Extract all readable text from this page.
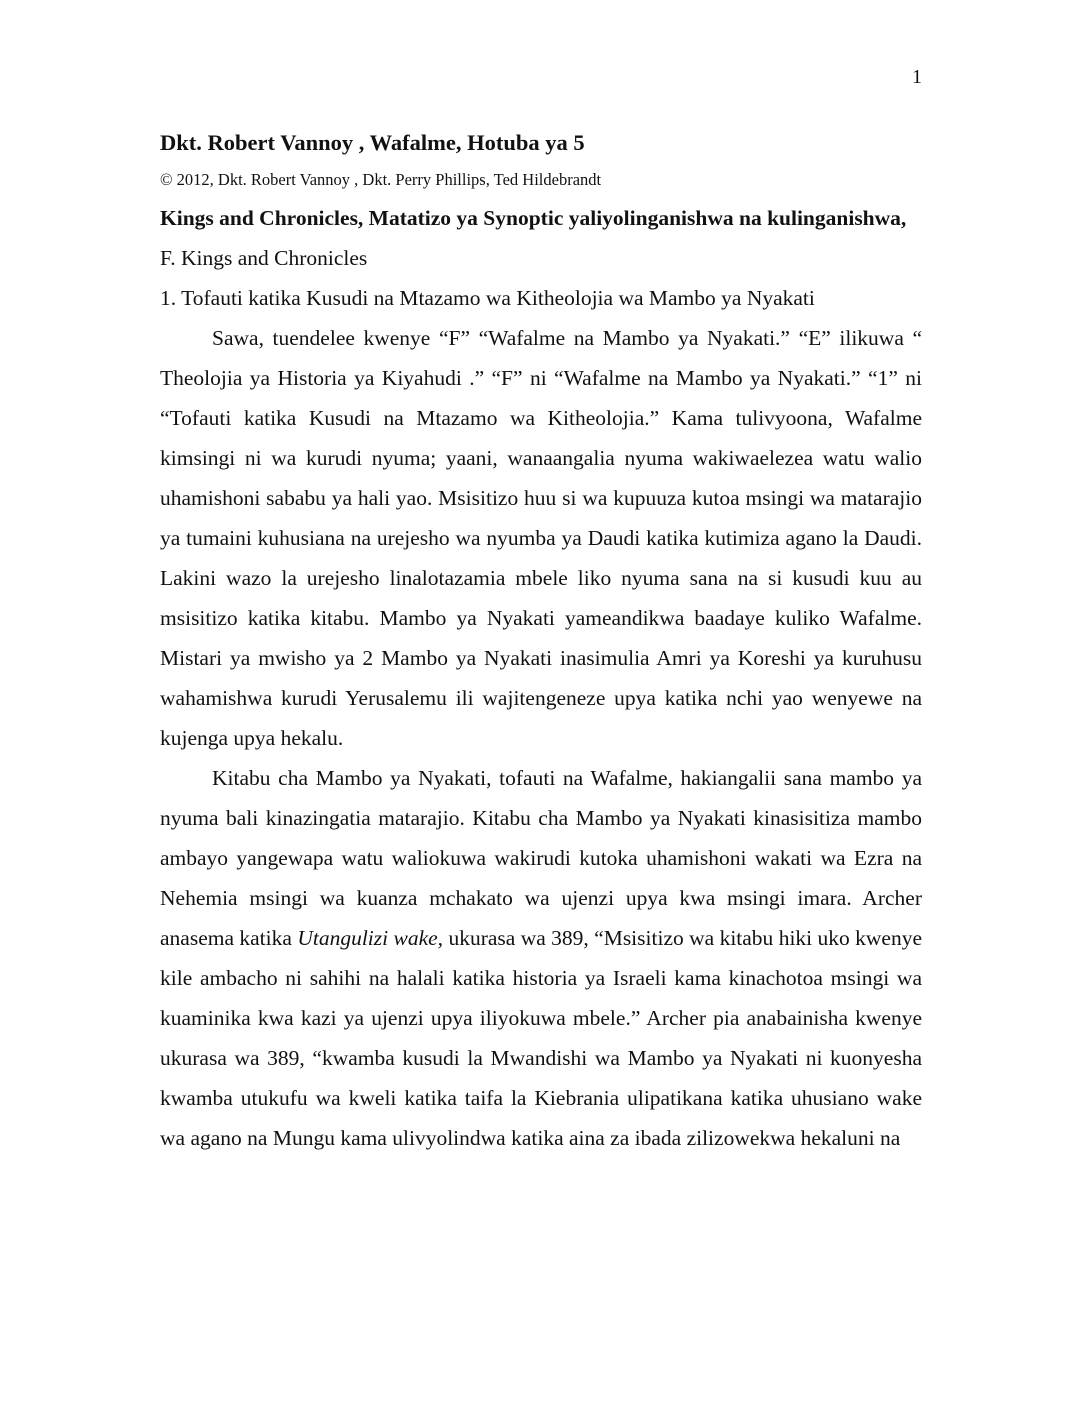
1

Dkt. Robert Vannoy , Wafalme, Hotuba ya 5

© 2012, Dkt. Robert Vannoy , Dkt. Perry Phillips, Ted Hildebrandt

Kings and Chronicles, Matatizo ya Synoptic yaliyolinganishwa na kulinganishwa,

F. Kings and Chronicles

1. Tofauti katika Kusudi na Mtazamo wa Kitheolojia wa Mambo ya Nyakati

Sawa, tuendelee kwenye “F” “Wafalme na Mambo ya Nyakati.” “E” ilikuwa “ Theolojia ya Historia ya Kiyahudi .” “F” ni “Wafalme na Mambo ya Nyakati.” “1” ni “Tofauti katika Kusudi na Mtazamo wa Kitheolojia.” Kama tulivyoona, Wafalme kimsingi ni wa kurudi nyuma; yaani, wanaangalia nyuma wakiwaelezea watu walio uhamishoni sababu ya hali yao. Msisitizo huu si wa kupuuza kutoa msingi wa matarajio ya tumaini kuhusiana na urejesho wa nyumba ya Daudi katika kutimiza agano la Daudi. Lakini wazo la urejesho linalotazamia mbele liko nyuma sana na si kusudi kuu au msisitizo katika kitabu. Mambo ya Nyakati yameandikwa baadaye kuliko Wafalme. Mistari ya mwisho ya 2 Mambo ya Nyakati inasimulia Amri ya Koreshi ya kuruhusu wahamishwa kurudi Yerusalemu ili wajitengeneze upya katika nchi yao wenyewe na kujenga upya hekalu.

Kitabu cha Mambo ya Nyakati, tofauti na Wafalme, hakiangalii sana mambo ya nyuma bali kinazingatia matarajio. Kitabu cha Mambo ya Nyakati kinasisitiza mambo ambayo yangewapa watu waliokuwa wakirudi kutoka uhamishoni wakati wa Ezra na Nehemia msingi wa kuanza mchakato wa ujenzi upya kwa msingi imara. Archer anasema katika Utangulizi wake, ukurasa wa 389, “Msisitizo wa kitabu hiki uko kwenye kile ambacho ni sahihi na halali katika historia ya Israeli kama kinachotoa msingi wa kuaminika kwa kazi ya ujenzi upya iliyokuwa mbele.” Archer pia anabainisha kwenye ukurasa wa 389, “kwamba kusudi la Mwandishi wa Mambo ya Nyakati ni kuonyesha kwamba utukufu wa kweli katika taifa la Kiebrania ulipatikana katika uhusiano wake wa agano na Mungu kama ulivyolindwa katika aina za ibada zilizowekwa hekaluni na
